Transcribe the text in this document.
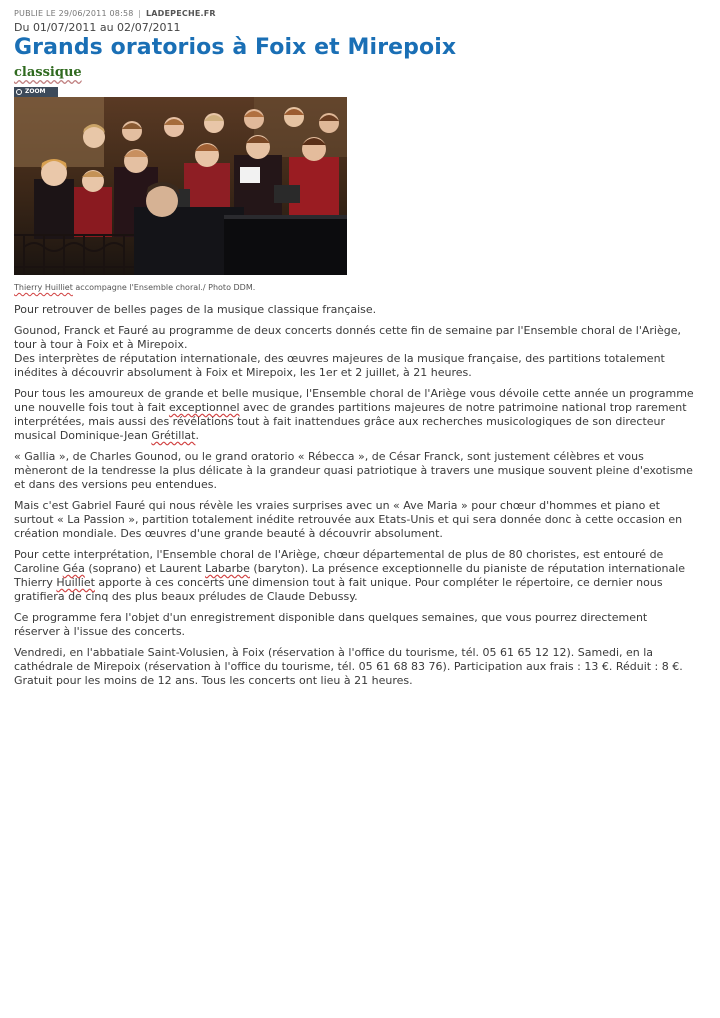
PUBLIE LE 29/06/2011 08:58 | LADEPECHE.FR
Du 01/07/2011 au 02/07/2011
Grands oratorios à Foix et Mirepoix
classique
ZOOM
Thierry Huilliet accompagne l'Ensemble choral./ Photo DDM.

Pour retrouver de belles pages de la musique classique française.

Gounod, Franck et Fauré au programme de deux concerts donnés cette fin de semaine par l'Ensemble choral de l'Ariège, tour à tour à Foix et à Mirepoix.
Des interprètes de réputation internationale, des œuvres majeures de la musique française, des partitions totalement inédites à découvrir absolument à Foix et Mirepoix, les 1er et 2 juillet, à 21 heures.

Pour tous les amoureux de grande et belle musique, l'Ensemble choral de l'Ariège vous dévoile cette année un programme une nouvelle fois tout à fait exceptionnel avec de grandes partitions majeures de notre patrimoine national trop rarement interprétées, mais aussi des révélations tout à fait inattendues grâce aux recherches musicologiques de son directeur musical Dominique-Jean Grétillat.

« Gallia », de Charles Gounod, ou le grand oratorio « Rébecca », de César Franck, sont justement célèbres et vous mèneront de la tendresse la plus délicate à la grandeur quasi patriotique à travers une musique souvent pleine d'exotisme et dans des versions peu entendues.

Mais c'est Gabriel Fauré qui nous révèle les vraies surprises avec un « Ave Maria » pour chœur d'hommes et piano et surtout « La Passion », partition totalement inédite retrouvée aux Etats-Unis et qui sera donnée donc à cette occasion en création mondiale. Des œuvres d'une grande beauté à découvrir absolument.

Pour cette interprétation, l'Ensemble choral de l'Ariège, chœur départemental de plus de 80 choristes, est entouré de Caroline Géa (soprano) et Laurent Labarbe (baryton). La présence exceptionnelle du pianiste de réputation internationale Thierry Huilliet apporte à ces concerts une dimension tout à fait unique. Pour compléter le répertoire, ce dernier nous gratifiera de cinq des plus beaux préludes de Claude Debussy.

Ce programme fera l'objet d'un enregistrement disponible dans quelques semaines, que vous pourrez directement réserver à l'issue des concerts.

Vendredi, en l'abbatiale Saint-Volusien, à Foix (réservation à l'office du tourisme, tél. 05 61 65 12 12). Samedi, en la cathédrale de Mirepoix (réservation à l'office du tourisme, tél. 05 61 68 83 76). Participation aux frais : 13 €. Réduit : 8 €. Gratuit pour les moins de 12 ans. Tous les concerts ont lieu à 21 heures.
